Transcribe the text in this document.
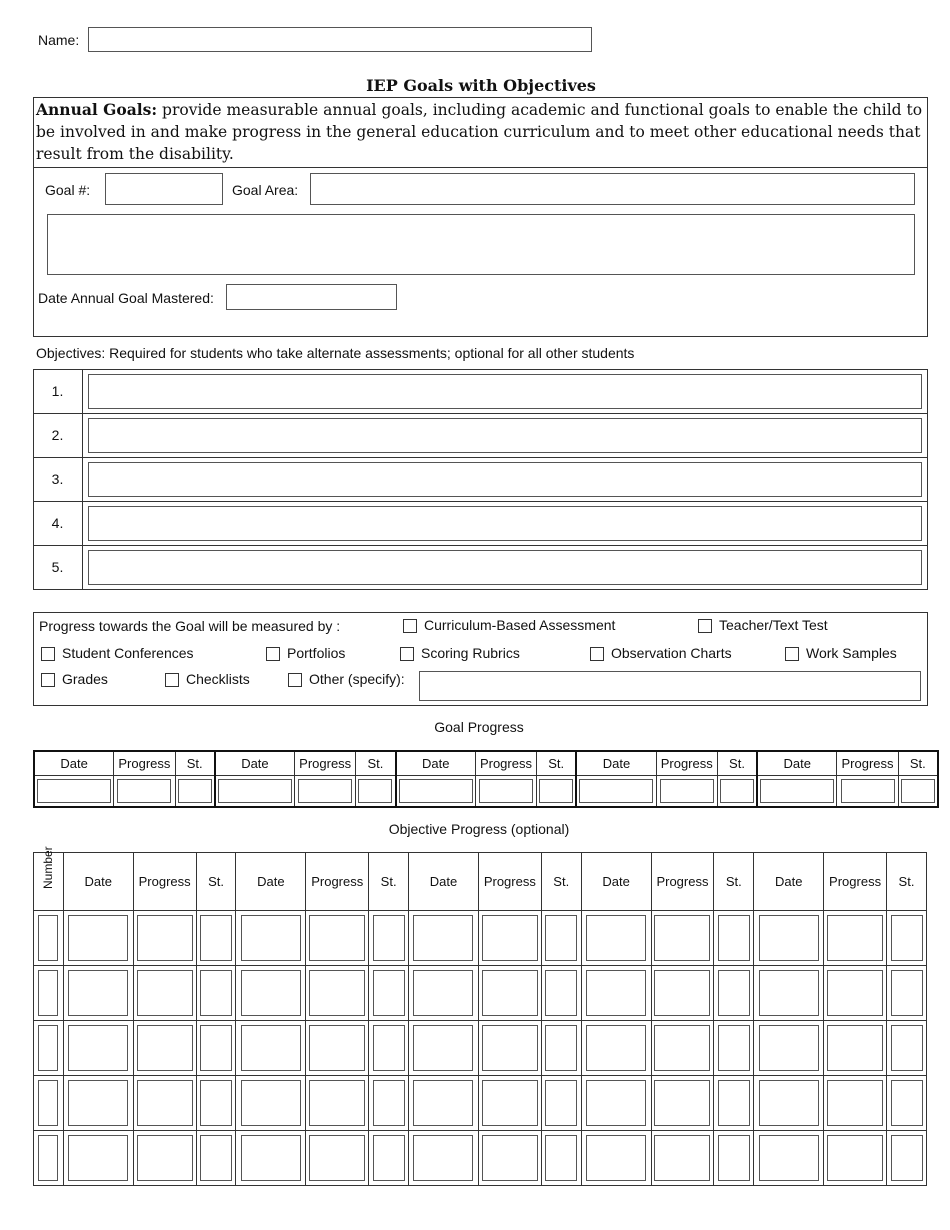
Name:
IEP Goals with Objectives
Annual Goals: provide measurable annual goals, including academic and functional goals to enable the child to be involved in and make progress in the general education curriculum and to meet other educational needs that result from the disability.
Goal #:	Goal Area:
Date Annual Goal Mastered:
Objectives: Required for students who take alternate assessments; optional for all other students
1.
2.
3.
4.
5.
Progress towards the Goal will be measured by :	Curriculum-Based Assessment	Teacher/Text Test
Student Conferences	Portfolios	Scoring Rubrics	Observation Charts	Work Samples
Grades	Checklists	Other (specify):
Goal Progress
Date	Progress	St.	Date	Progress	St.	Date	Progress	St.	Date	Progress	St.	Date	Progress	St.

Objective Progress (optional)
Number	Date	Progress	St.	Date	Progress	St.	Date	Progress	St.	Date	Progress	St.	Date	Progress	St.
